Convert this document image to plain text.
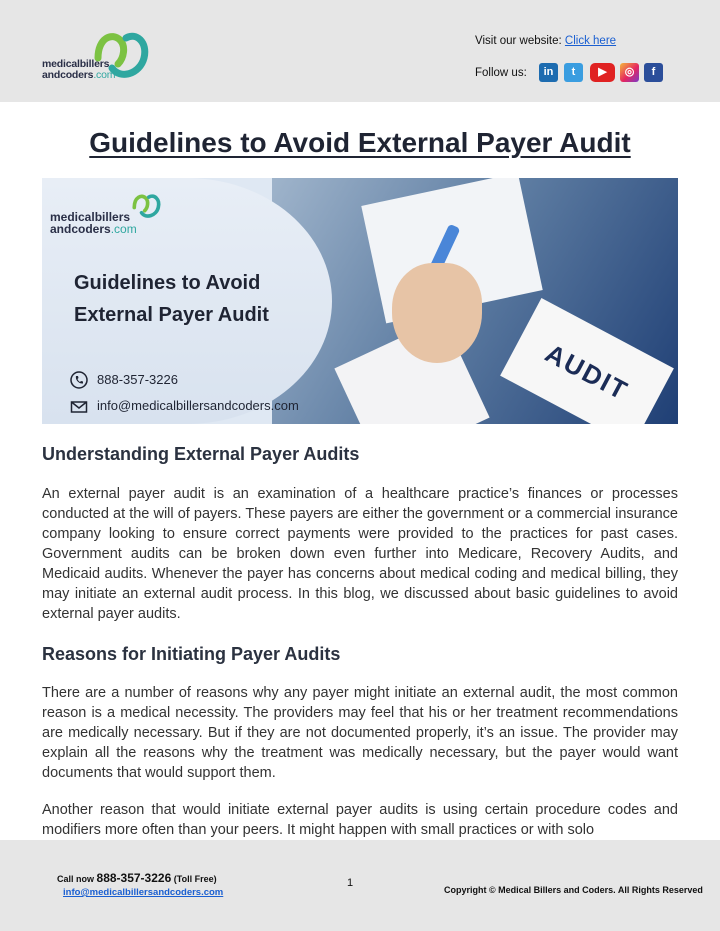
medicalbillers
andcoders.com
Visit our website: Click here
Follow us:	in	t	▶	◎	f
Guidelines to Avoid External Payer Audit
AUDIT
medicalbillers
andcoders.com
Guidelines to Avoid
External Payer Audit
888-357-3226
info@medicalbillersandcoders.com
Understanding External Payer Audits
An external payer audit is an examination of a healthcare practice’s finances or processes conducted at the will of payers. These payers are either the government or a commercial insurance company looking to ensure correct payments were provided to the practices for past cases. Government audits can be broken down even further into Medicare, Recovery Audits, and Medicaid audits. Whenever the payer has concerns about medical coding and medical billing, they may initiate an external audit process. In this blog, we discussed about basic guidelines to avoid external payer audits.
Reasons for Initiating Payer Audits
There are a number of reasons why any payer might initiate an external audit, the most common reason is a medical necessity. The providers may feel that his or her treatment recommendations are medically necessary. But if they are not documented properly, it’s an issue. The provider may explain all the reasons why the treatment was medically necessary, but the payer would want documents that would support them.
Another reason that would initiate external payer audits is using certain procedure codes and modifiers more often than your peers. It might happen with small practices or with solo
Call now 888-357-3226 (Toll Free)
info@medicalbillersandcoders.com
1
Copyright © Medical Billers and Coders. All Rights Reserved
